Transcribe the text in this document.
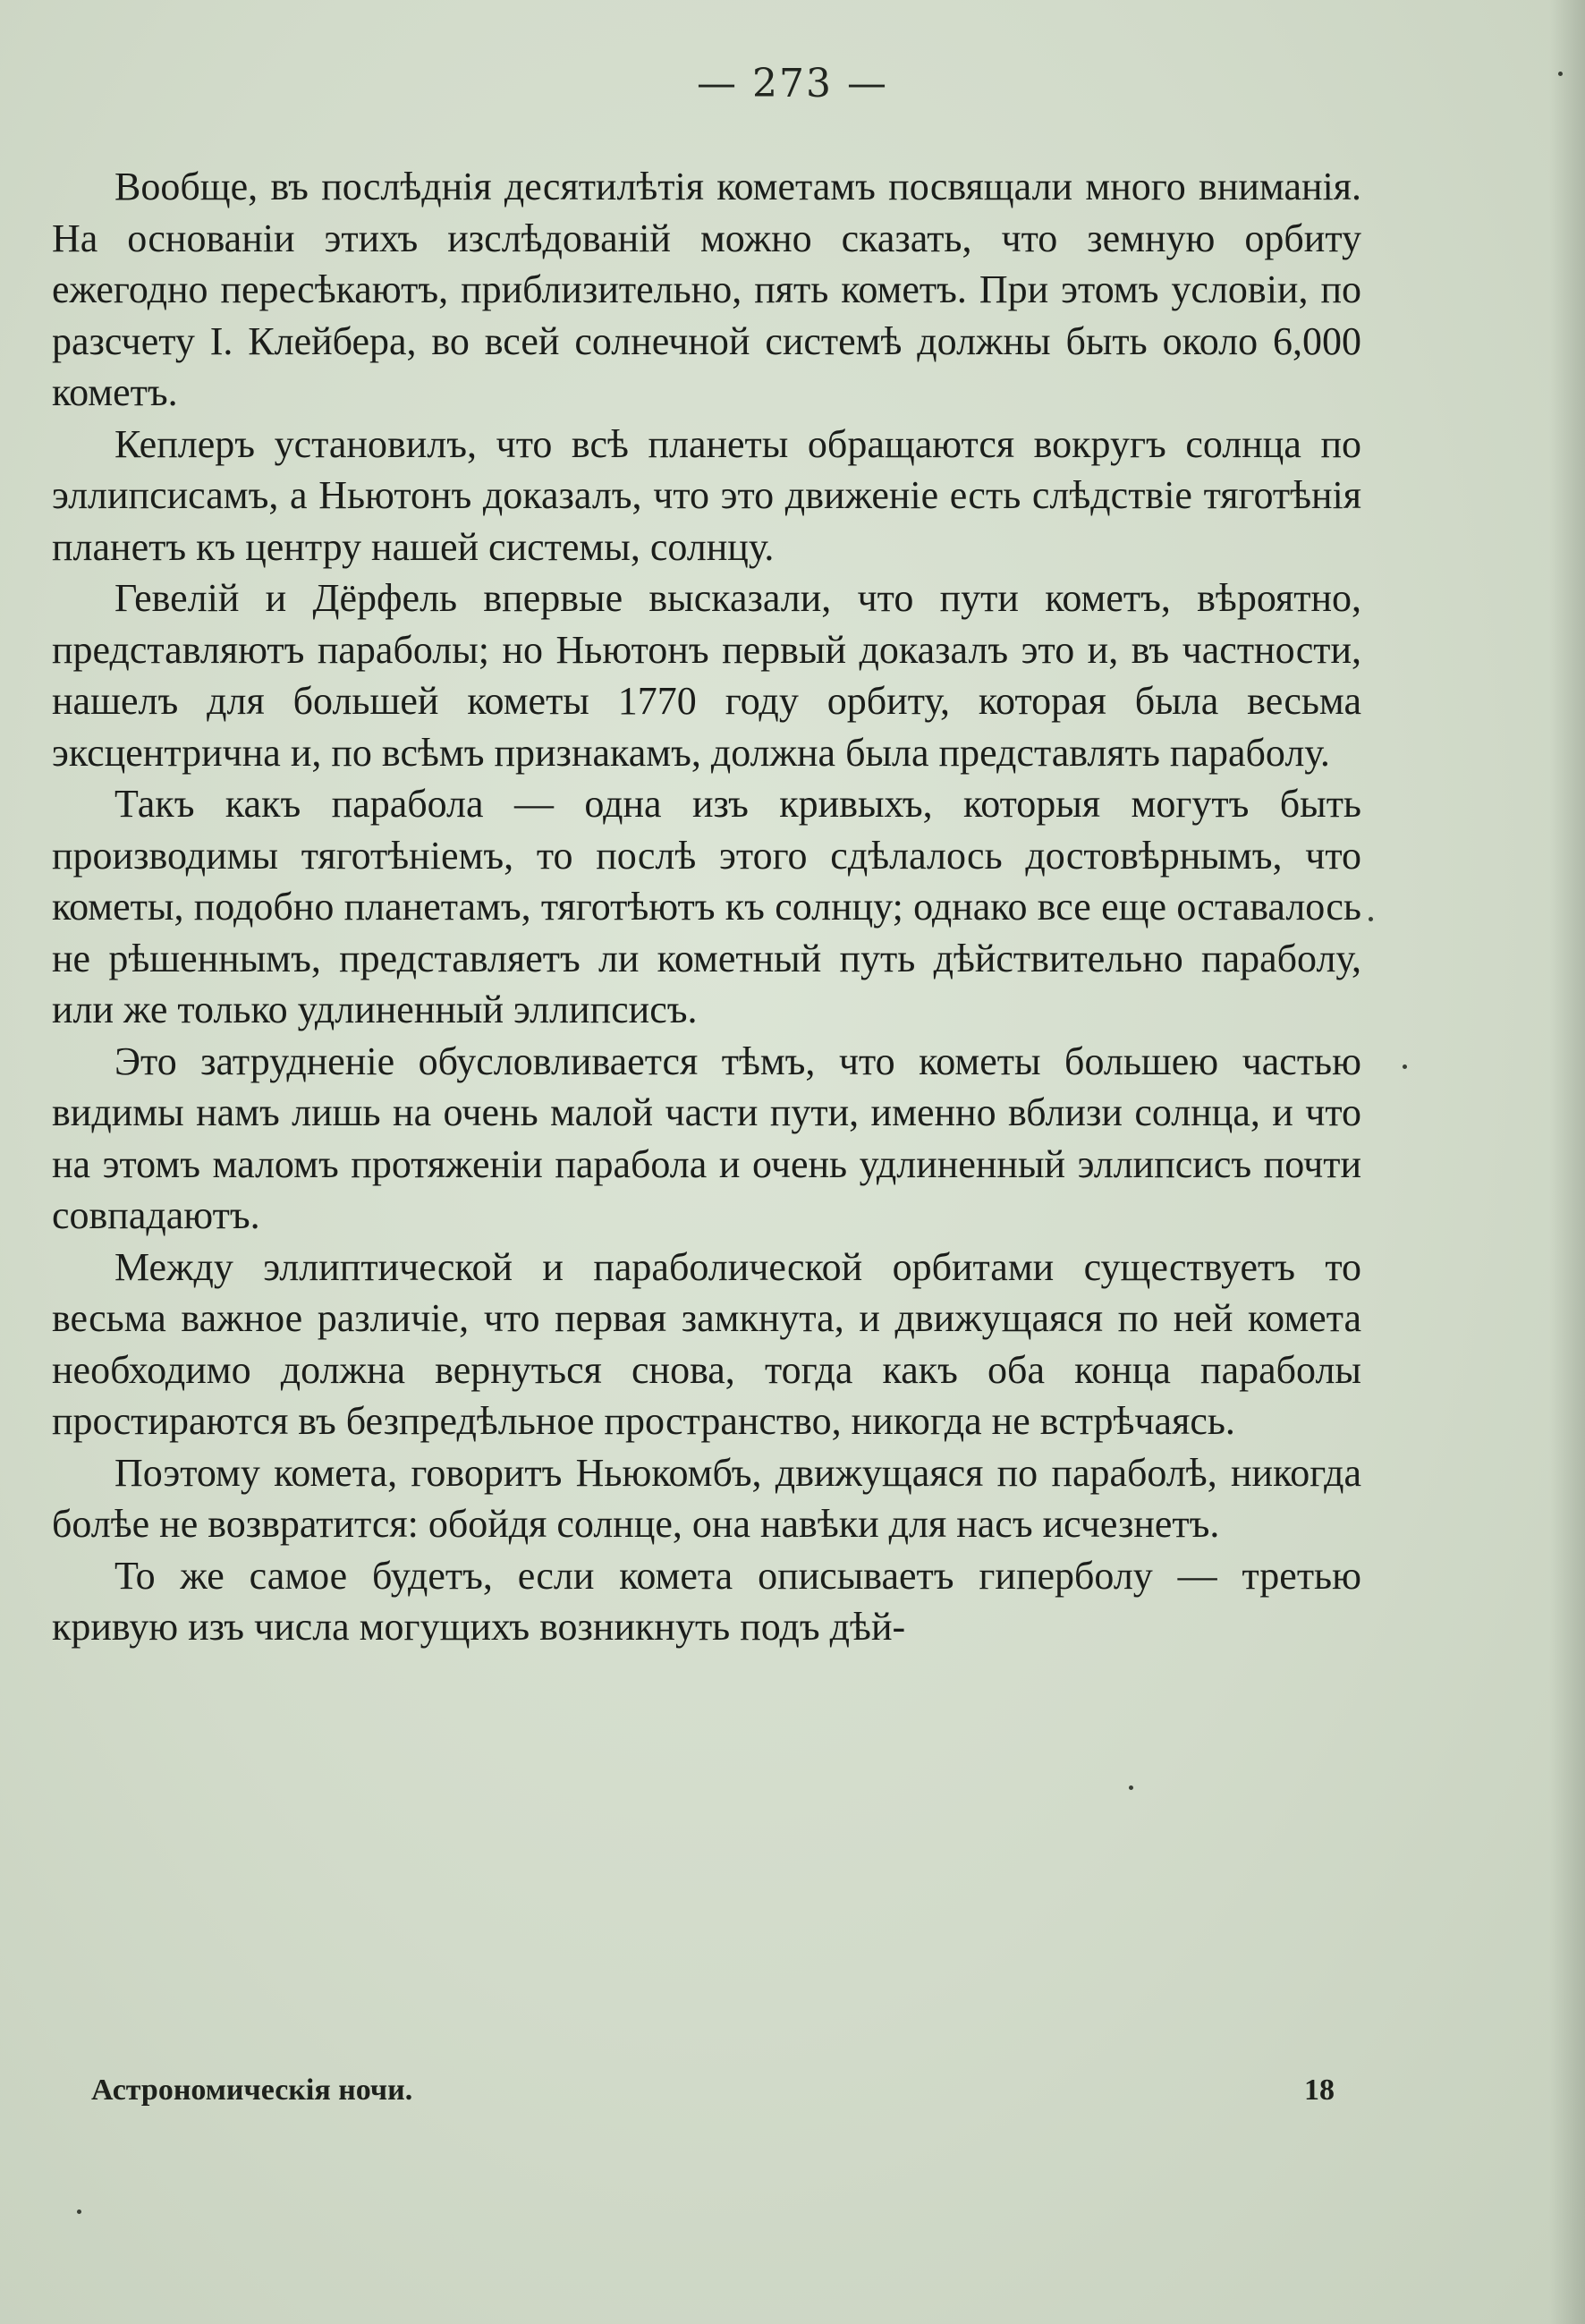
— 273 —

Вообще, въ послѣднія десятилѣтія кометамъ посвящали много вниманія. На основаніи этихъ изслѣдованій можно сказать, что земную орбиту ежегодно пересѣкаютъ, приблизительно, пять кометъ. При этомъ условіи, по разсчету I. Клейбера, во всей солнечной системѣ должны быть около 6,000 кометъ.

Кеплеръ установилъ, что всѣ планеты обращаются вокругъ солнца по эллипсисамъ, а Ньютонъ доказалъ, что это движеніе есть слѣдствіе тяготѣнія планетъ къ центру нашей системы, солнцу.

Гевелій и Дёрфель впервые высказали, что пути кометъ, вѣроятно, представляютъ параболы; но Ньютонъ первый доказалъ это и, въ частности, нашелъ для большей кометы 1770 году орбиту, которая была весьма эксцентрична и, по всѣмъ признакамъ, должна была представлять параболу.

Такъ какъ парабола — одна изъ кривыхъ, которыя могутъ быть производимы тяготѣніемъ, то послѣ этого сдѣлалось достовѣрнымъ, что кометы, подобно планетамъ, тяготѣютъ къ солнцу; однако все еще оставалось не рѣшеннымъ, представляетъ ли кометный путь дѣйствительно параболу, или же только удлиненный эллипсисъ.

Это затрудненіе обусловливается тѣмъ, что кометы большею частью видимы намъ лишь на очень малой части пути, именно вблизи солнца, и что на этомъ маломъ протяженіи парабола и очень удлиненный эллипсисъ почти совпадаютъ.

Между эллиптической и параболической орбитами существуетъ то весьма важное различіе, что первая замкнута, и движущаяся по ней комета необходимо должна вернуться снова, тогда какъ оба конца параболы простираются въ безпредѣльное пространство, никогда не встрѣчаясь.

Поэтому комета, говоритъ Ньюкомбъ, движущаяся по параболѣ, никогда болѣе не возвратится: обойдя солнце, она навѣки для насъ исчезнетъ.

То же самое будетъ, если комета описываетъ гиперболу — третью кривую изъ числа могущихъ возникнуть подъ дѣй-

Астрономическія ночи.	18
